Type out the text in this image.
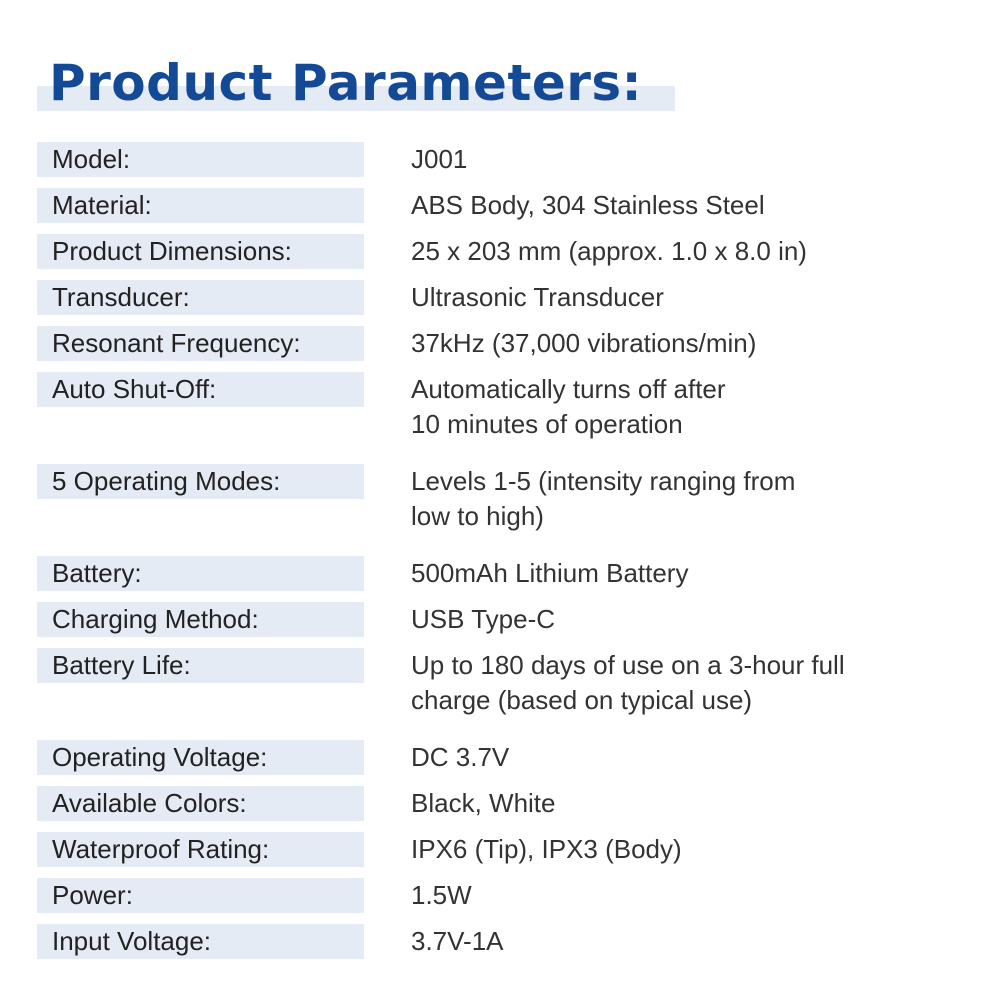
Product Parameters:
Model:	J001
Material:	ABS Body, 304 Stainless Steel
Product Dimensions:	25 x 203 mm (approx. 1.0 x 8.0 in)
Transducer:	Ultrasonic Transducer
Resonant Frequency:	37kHz (37,000 vibrations/min)
Auto Shut-Off:	Automatically turns off after
10 minutes of operation
5 Operating Modes:	Levels 1-5 (intensity ranging from
low to high)
Battery:	500mAh Lithium Battery
Charging Method:	USB Type-C
Battery Life:	Up to 180 days of use on a 3-hour full
charge (based on typical use)
Operating Voltage:	DC 3.7V
Available Colors:	Black, White
Waterproof Rating:	IPX6 (Tip), IPX3 (Body)
Power:	1.5W
Input Voltage:	3.7V-1A
